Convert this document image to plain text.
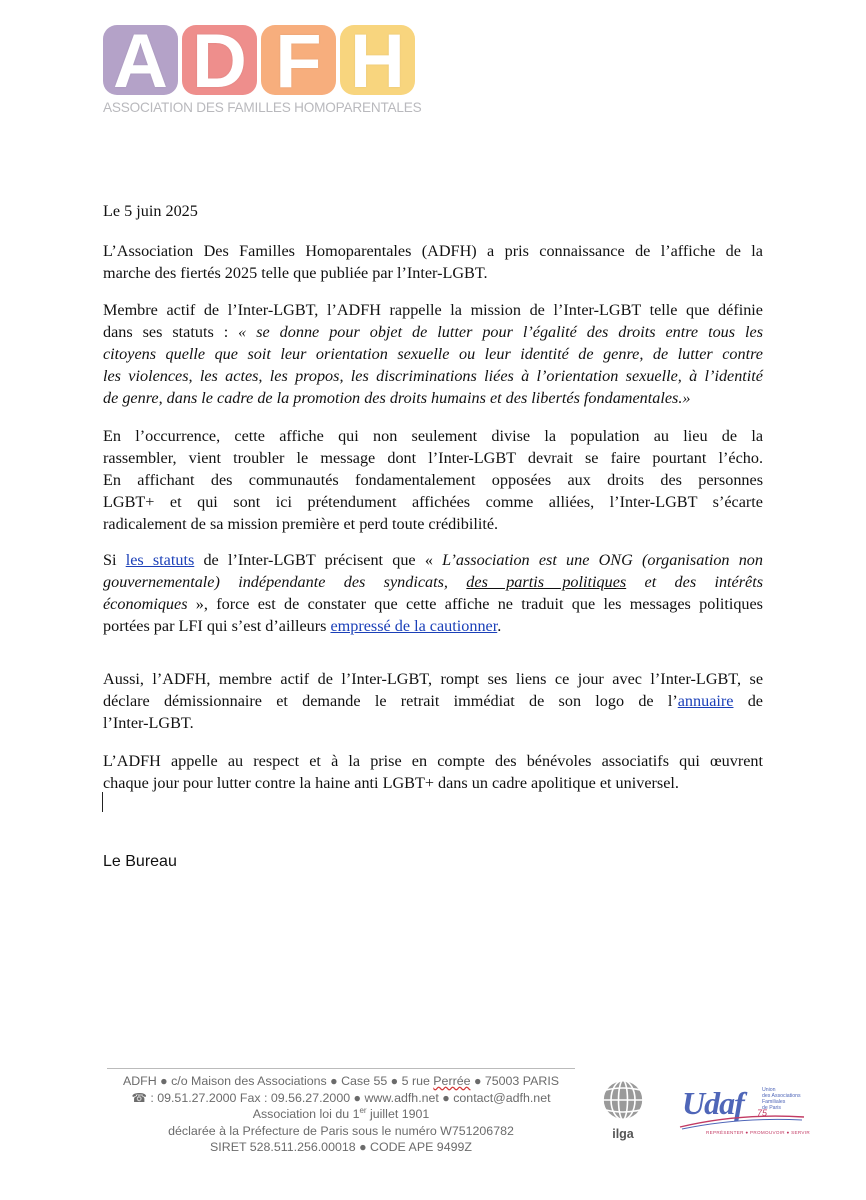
A D F H
ASSOCIATION DES FAMILLES HOMOPARENTALES
Le 5 juin 2025
L’Association Des Familles Homoparentales (ADFH) a pris connaissance de l’affiche de la
marche des fiertés 2025 telle que publiée par l’Inter-LGBT.
Membre actif de l’Inter-LGBT, l’ADFH rappelle la mission de l’Inter-LGBT telle que définie
dans ses statuts : « se donne pour objet de lutter pour l’égalité des droits entre tous les
citoyens quelle que soit leur orientation sexuelle ou leur identité de genre, de lutter contre
les violences, les actes, les propos, les discriminations liées à l’orientation sexuelle, à l’identité
de genre, dans le cadre de la promotion des droits humains et des libertés fondamentales.»
En l’occurrence, cette affiche qui non seulement divise la population au lieu de la
rassembler, vient troubler le message dont l’Inter-LGBT devrait se faire pourtant l’écho.
En affichant des communautés fondamentalement opposées aux droits des personnes
LGBT+ et qui sont ici prétendument affichées comme alliées, l’Inter-LGBT s’écarte
radicalement de sa mission première et perd toute crédibilité.
Si les statuts de l’Inter-LGBT précisent que « L’association est une ONG (organisation non
gouvernementale) indépendante des syndicats, des partis politiques et des intérêts
économiques », force est de constater que cette affiche ne traduit que les messages politiques
portées par LFI qui s’est d’ailleurs empressé de la cautionner.
Aussi, l’ADFH, membre actif de l’Inter-LGBT, rompt ses liens ce jour avec l’Inter-LGBT, se
déclare démissionnaire et demande le retrait immédiat de son logo de l’annuaire de
l’Inter-LGBT.
L’ADFH appelle au respect et à la prise en compte des bénévoles associatifs qui œuvrent
chaque jour pour lutter contre la haine anti LGBT+ dans un cadre apolitique et universel.
Le Bureau
ADFH ● c/o Maison des Associations ● Case 55 ● 5 rue Perrée ● 75003 PARIS
☎ : 09.51.27.2000 Fax : 09.56.27.2000 ● www.adfh.net ● contact@adfh.net
Association loi du 1er juillet 1901
déclarée à la Préfecture de Paris sous le numéro W751206782
SIRET 528.511.256.00018 ● CODE APE 9499Z
ilga
Udaf	Union
des Associations
Familiales
de Paris
75
REPRÉSENTER ● PROMOUVOIR ● SERVIR
